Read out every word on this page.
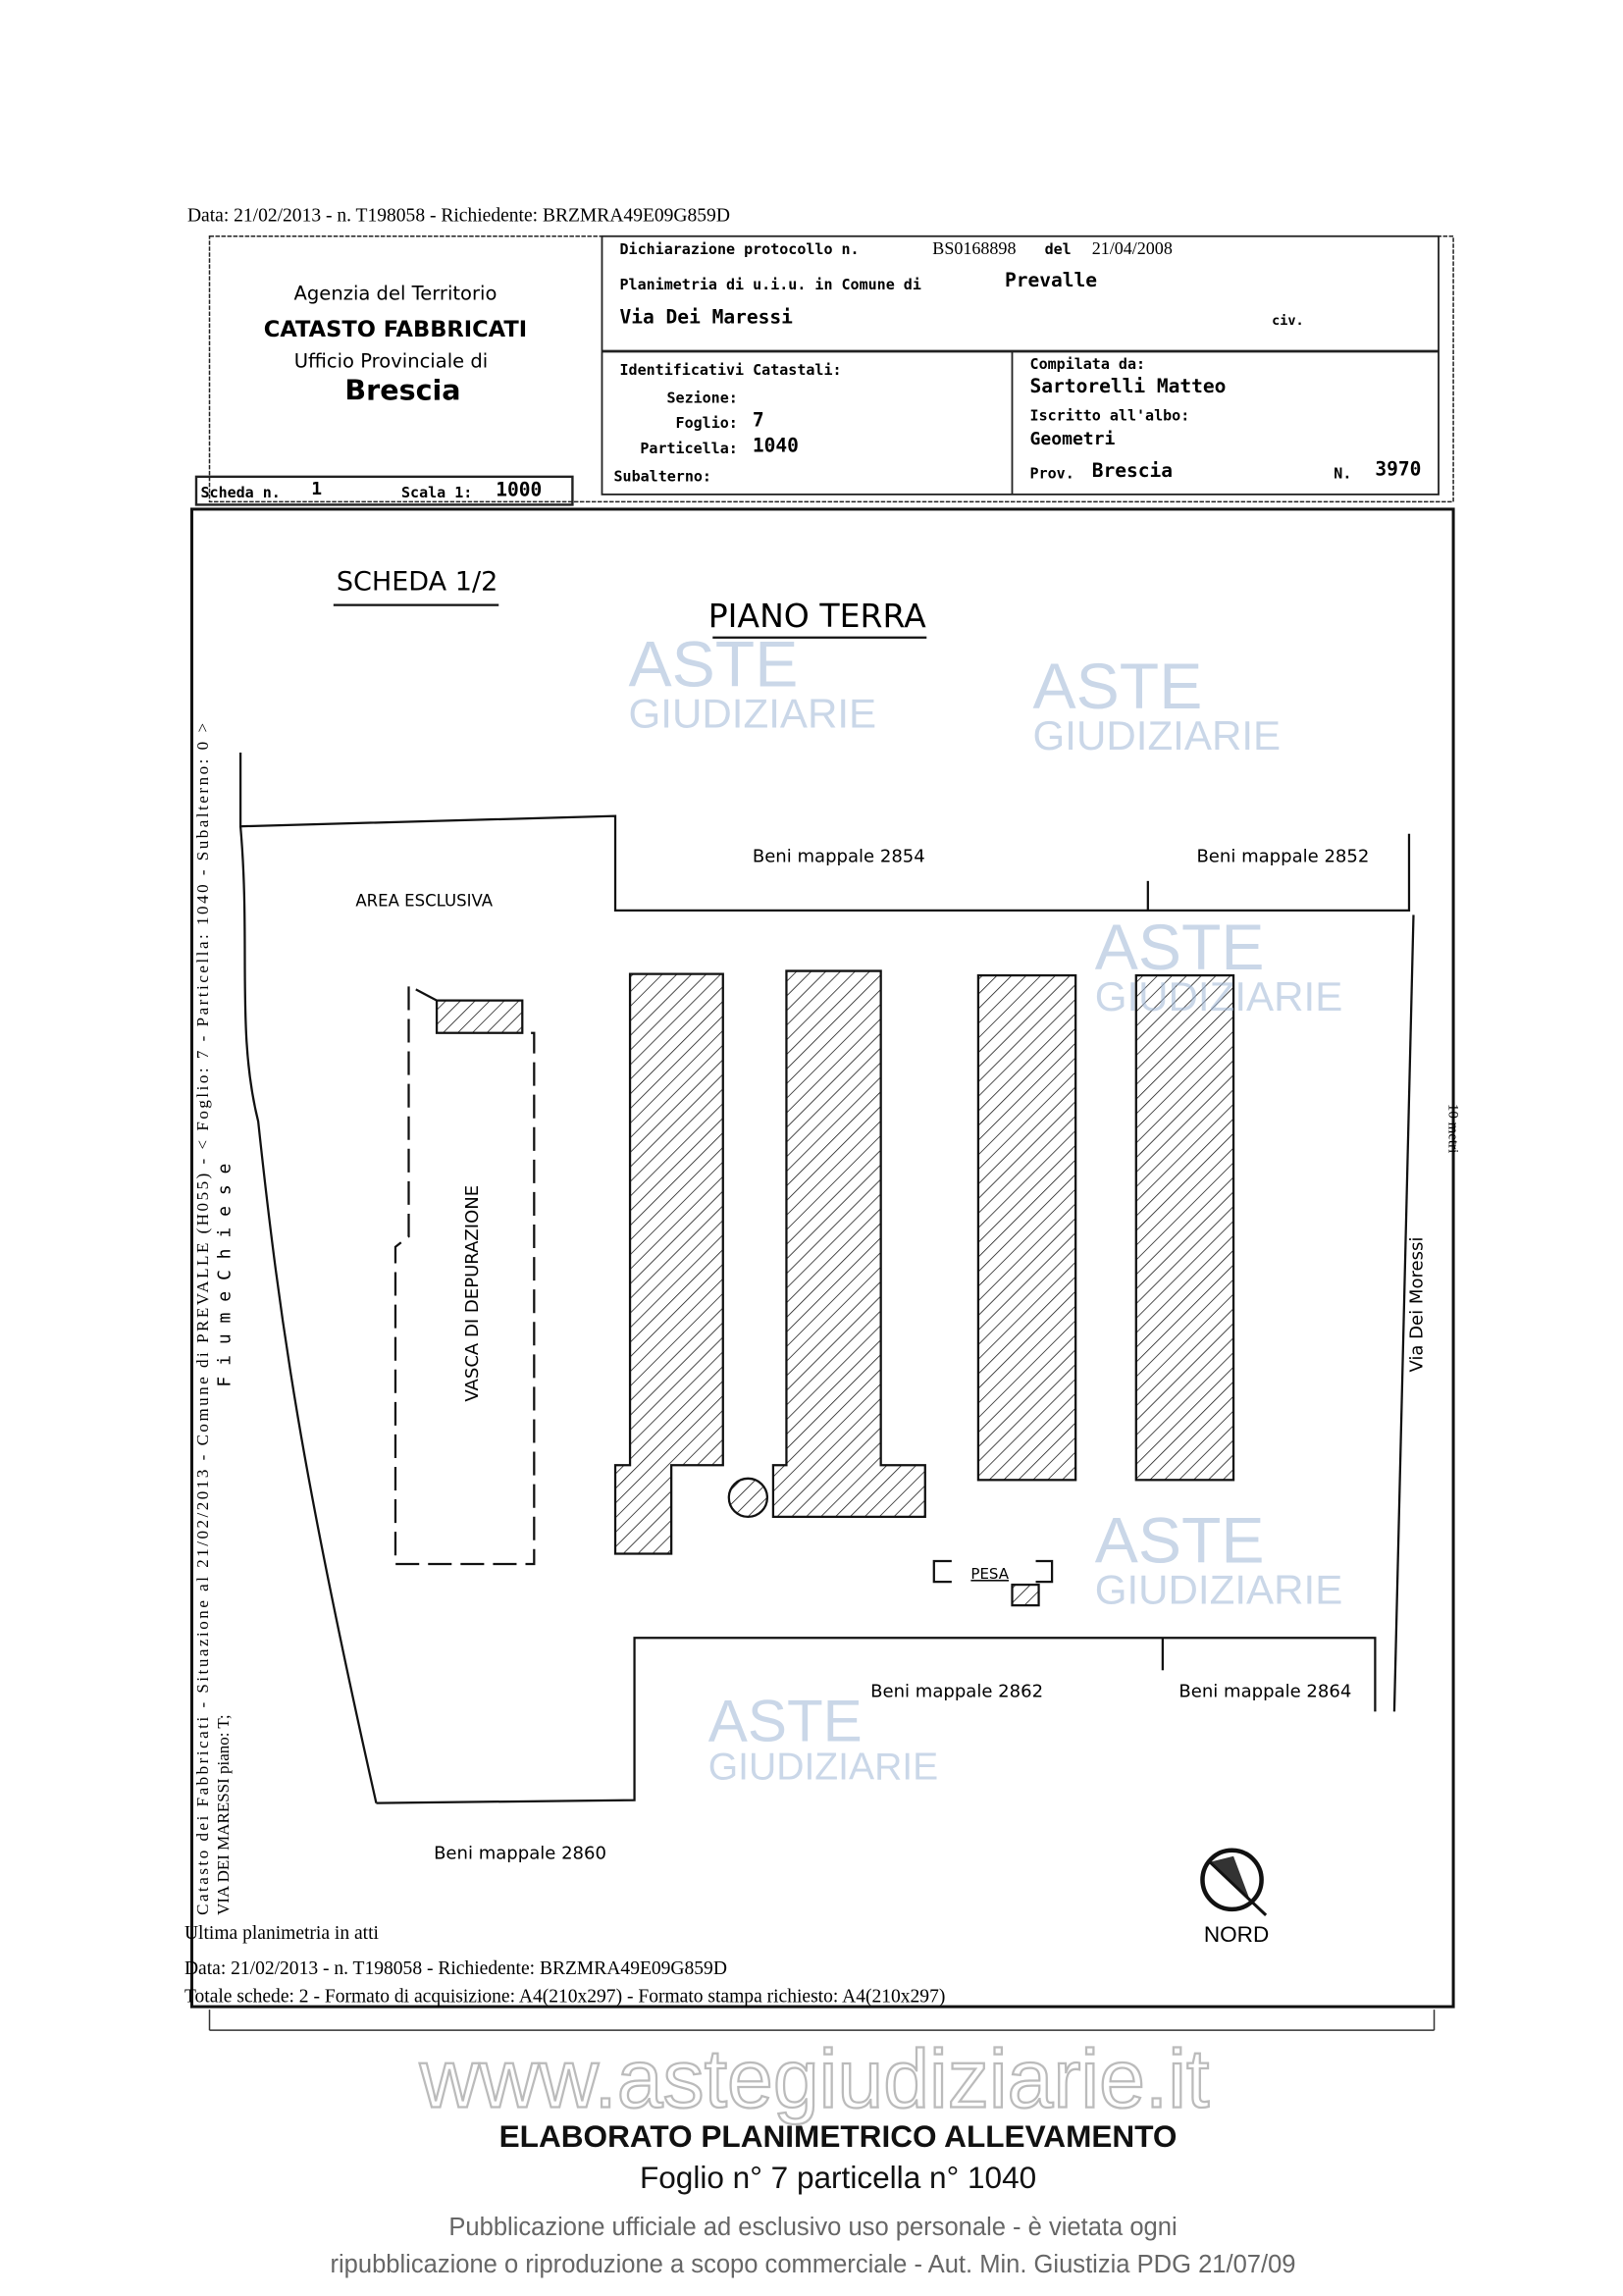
Data: 21/02/2013 - n. T198058 - Richiedente: BRZMRA49E09G859D
Agenzia del Territorio
CATASTO FABBRICATI
Ufficio Provinciale di
Brescia
Dichiarazione protocollo n.	BS0168898	del 21/04/2008
Planimetria di u.i.u. in Comune di	Prevalle
Via Dei Maressi	civ.
Identificativi Catastali:
Sezione:
Foglio: 7
Particella: 1040
Subalterno:
Compilata da:
Sartorelli Matteo
Iscritto all'albo:
Geometri
Prov. Brescia	N. 3970
Scheda n.	1	Scala 1: 1000
SCHEDA 1/2
PIANO TERRA
AREA ESCLUSIVA
Beni mappale 2854	Beni mappale 2852
Beni mappale 2862	Beni mappale 2864
Beni mappale 2860
PESA
VASCA DI DEPURAZIONE
F i u m e C h i e s e	Via Dei Moressi
10 metri
Catasto dei Fabbricati - Situazione al 21/02/2013 - Comune di PREVALLE (H055) - < Foglio: 7 - Particella: 1040 - Subalterno: 0 >
VIA DEI MARESSI piano: T;
NORD
Ultima planimetria in atti
Data: 21/02/2013 - n. T198058 - Richiedente: BRZMRA49E09G859D
Totale schede: 2 - Formato di acquisizione: A4(210x297) - Formato stampa richiesto: A4(210x297)
ASTE
GIUDIZIARIE
ASTE
GIUDIZIARIE
ASTE
GIUDIZIARIE
ASTE
GIUDIZIARIE
ASTE
GIUDIZIARIE
www.astegiudiziarie.it
ELABORATO PLANIMETRICO ALLEVAMENTO
Foglio n° 7 particella n° 1040
Pubblicazione ufficiale ad esclusivo uso personale - è vietata ogni
ripubblicazione o riproduzione a scopo commerciale - Aut. Min. Giustizia PDG 21/07/09
